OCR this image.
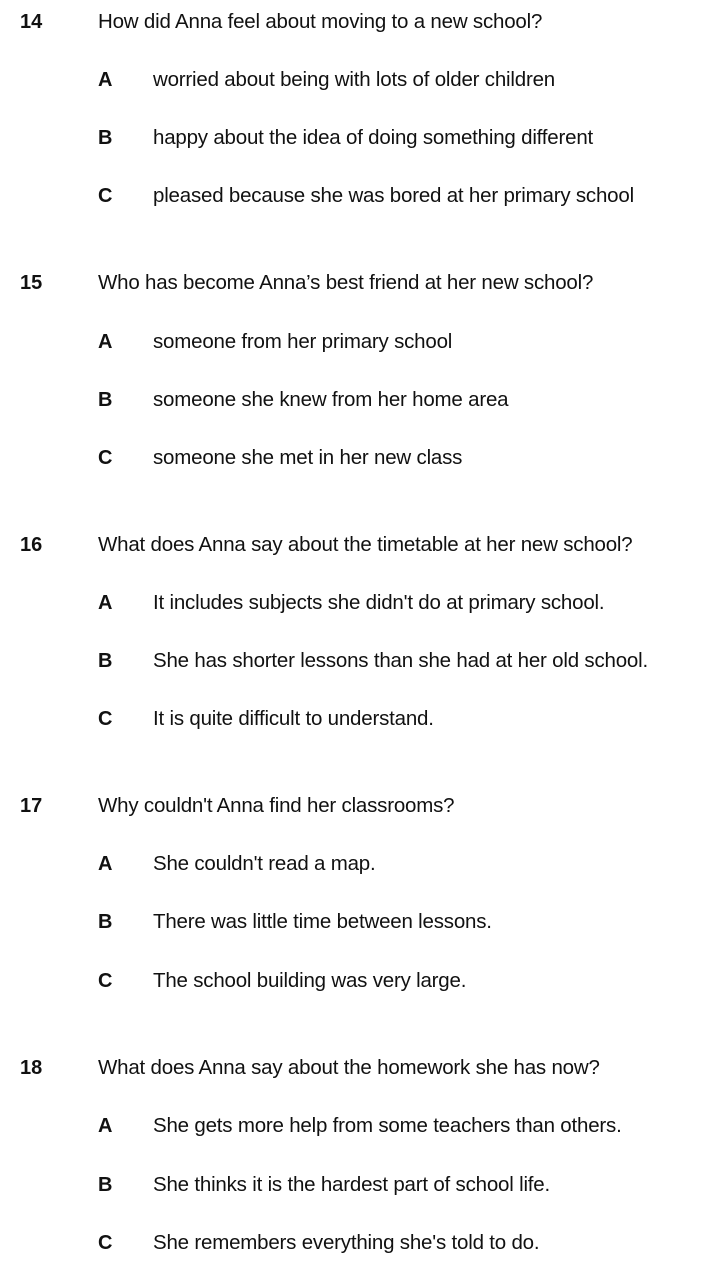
14	How did Anna feel about moving to a new school?
A worried about being with lots of older children
B happy about the idea of doing something different
C pleased because she was bored at her primary school
15	Who has become Anna’s best friend at her new school?
A someone from her primary school
B someone she knew from her home area
C someone she met in her new class
16	What does Anna say about the timetable at her new school?
A It includes subjects she didn't do at primary school.
B She has shorter lessons than she had at her old school.
C It is quite difficult to understand.
17	Why couldn't Anna find her classrooms?
A She couldn't read a map.
B There was little time between lessons.
C The school building was very large.
18	What does Anna say about the homework she has now?
A She gets more help from some teachers than others.
B She thinks it is the hardest part of school life.
C She remembers everything she's told to do.
